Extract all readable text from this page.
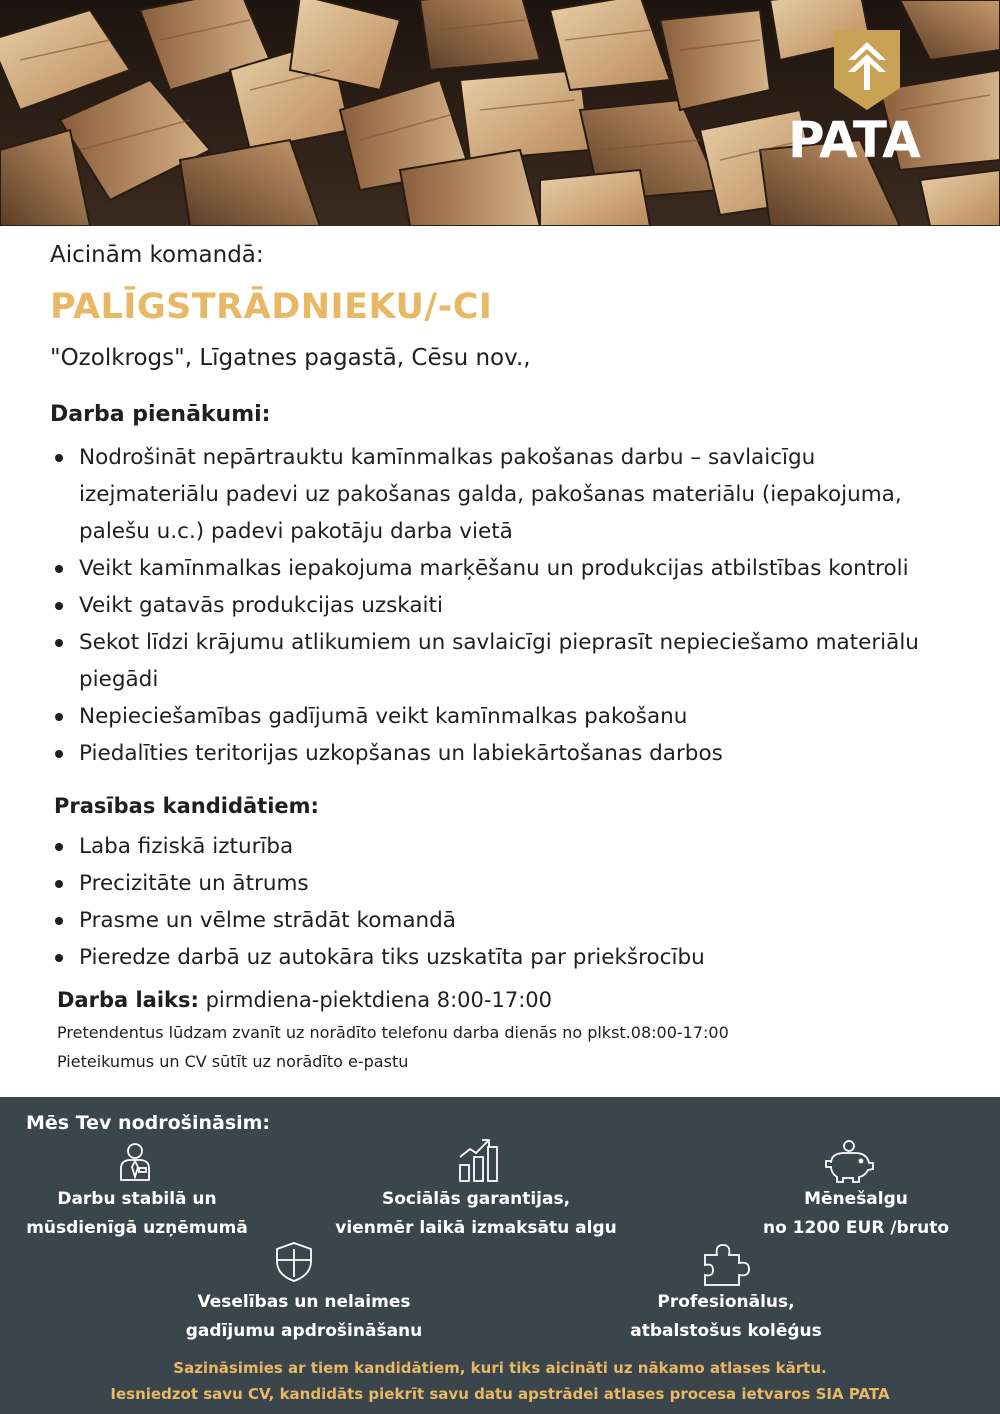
PATA
Aicinām komandā:
PALĪGSTRĀDNIEKU/-CI
"Ozolkrogs", Līgatnes pagastā, Cēsu nov.,
Darba pienākumi:
Nodrošināt nepārtrauktu kamīnmalkas pakošanas darbu – savlaicīgu izejmateriālu padevi uz pakošanas galda, pakošanas materiālu (iepakojuma, palešu u.c.) padevi pakotāju darba vietā
Veikt kamīnmalkas iepakojuma marķēšanu un produkcijas atbilstības kontroli
Veikt gatavās produkcijas uzskaiti
Sekot līdzi krājumu atlikumiem un savlaicīgi pieprasīt nepieciešamo materiālu piegādi
Nepieciešamības gadījumā veikt kamīnmalkas pakošanu
Piedalīties teritorijas uzkopšanas un labiekārtošanas darbos
Prasības kandidātiem:
Laba fiziskā izturība
Precizitāte un ātrums
Prasme un vēlme strādāt komandā
Pieredze darbā uz autokāra tiks uzskatīta par priekšrocību
Darba laiks: pirmdiena-piektdiena 8:00-17:00
Pretendentus lūdzam zvanīt uz norādīto telefonu darba dienās no plkst.08:00-17:00
Pieteikumus un CV sūtīt uz norādīto e-pastu
Mēs Tev nodrošināsim:
Darbu stabilā un
mūsdienīgā uzņēmumā
Sociālās garantijas,
vienmēr laikā izmaksātu algu
Mēnešalgu
no 1200 EUR /bruto
Veselības un nelaimes
gadījumu apdrošināšanu
Profesionālus,
atbalstošus kolēģus
Sazināsimies ar tiem kandidātiem, kuri tiks aicināti uz nākamo atlases kārtu.
Iesniedzot savu CV, kandidāts piekrīt savu datu apstrādei atlases procesa ietvaros SIA PATA
